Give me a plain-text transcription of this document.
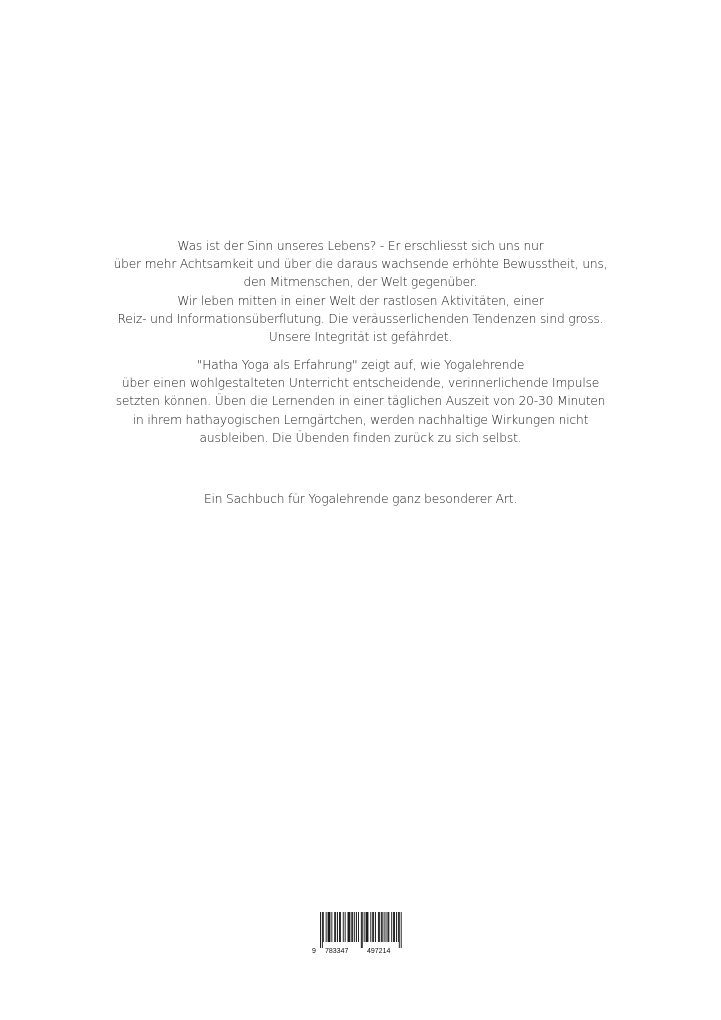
Was ist der Sinn unseres Lebens? - Er erschliesst sich uns nur

über mehr Achtsamkeit und über die daraus wachsende erhöhte Bewusstheit, uns,

den Mitmenschen, der Welt gegenüber.

Wir leben mitten in einer Welt der rastlosen Aktivitäten, einer

Reiz- und Informationsüberflutung. Die veräusserlichenden Tendenzen sind gross.

Unsere Integrität ist gefährdet.

"Hatha Yoga als Erfahrung" zeigt auf, wie Yogalehrende

über einen wohlgestalteten Unterricht entscheidende, verinnerlichende Impulse

setzten können. Üben die Lernenden in einer täglichen Auszeit von 20-30 Minuten

in ihrem hathayogischen Lerngärtchen, werden nachhaltige Wirkungen nicht

ausbleiben. Die Übenden finden zurück zu sich selbst.

Ein Sachbuch für Yogalehrende ganz besonderer Art.

9 783347	497214
